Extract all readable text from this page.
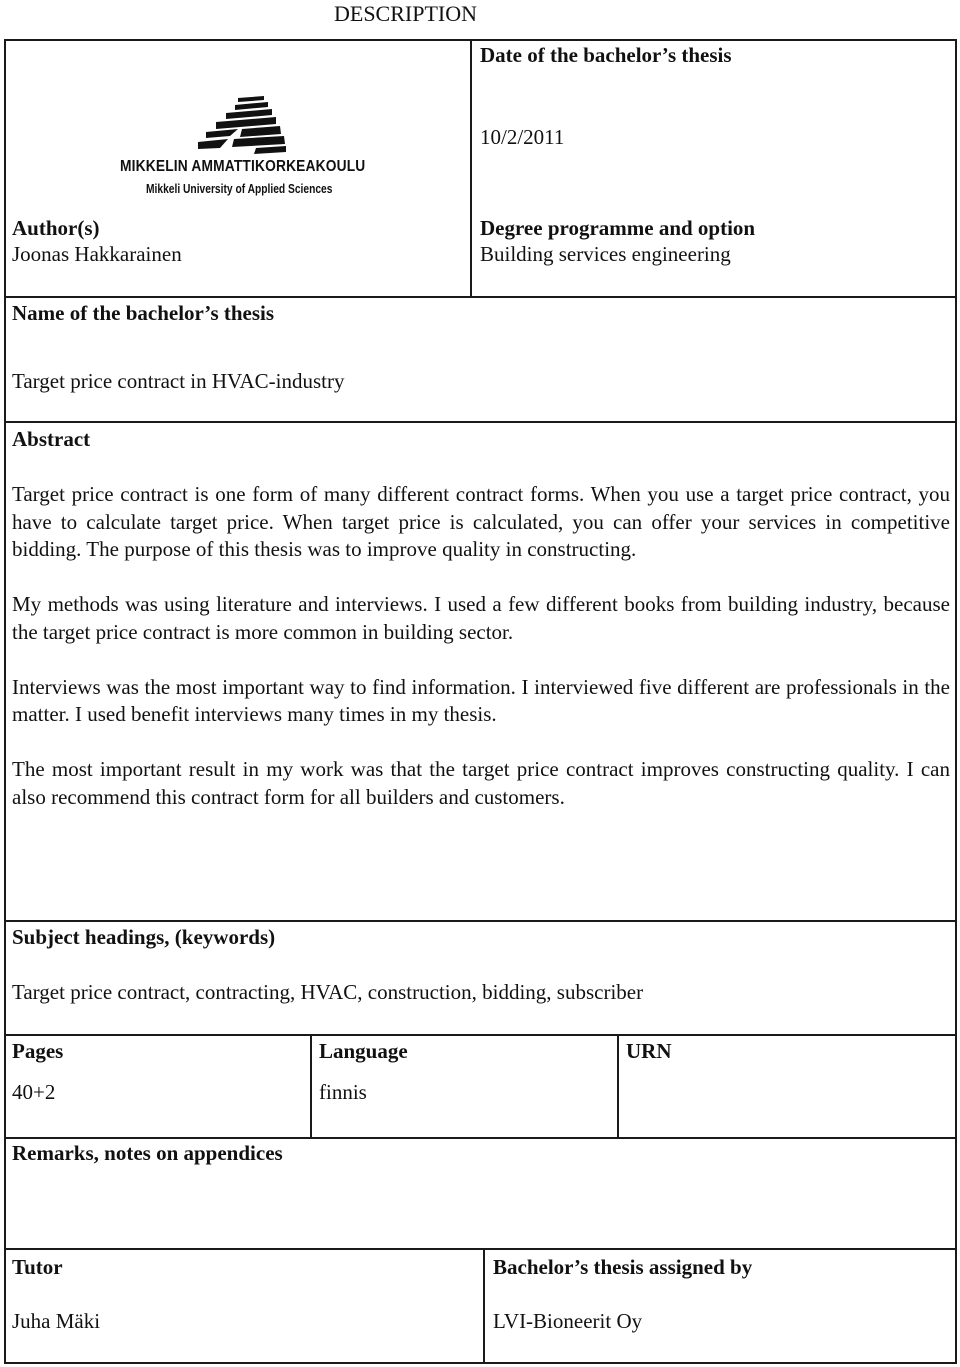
DESCRIPTION
MIKKELIN AMMATTIKORKEAKOULU
Mikkeli University of Applied Sciences
Date of the bachelor’s thesis
10/2/2011
Author(s)
Joonas Hakkarainen
Degree programme and option
Building services engineering
Name of the bachelor’s thesis
Target price contract in HVAC-industry
Abstract

Target price contract is one form of many different contract forms. When you use a target price contract, you have to calculate target price. When target price is calculated, you can offer your services in competitive bidding. The purpose of this thesis was to improve quality in constructing.

My methods was using literature and interviews. I used a few different books from building industry, because the target price contract is more common in building sector.

Interviews was the most important way to find information. I interviewed five different are professionals in the matter. I used benefit interviews many times in my thesis.

The most important result in my work was that the target price contract improves constructing quality. I can also recommend this contract form for all builders and customers.

Subject headings, (keywords)
Target price contract, contracting, HVAC, construction, bidding, subscriber
Pages
40+2
Language
finnis
URN
Remarks, notes on appendices
Tutor
Juha Mäki
Bachelor’s thesis assigned by
LVI-Bioneerit Oy
